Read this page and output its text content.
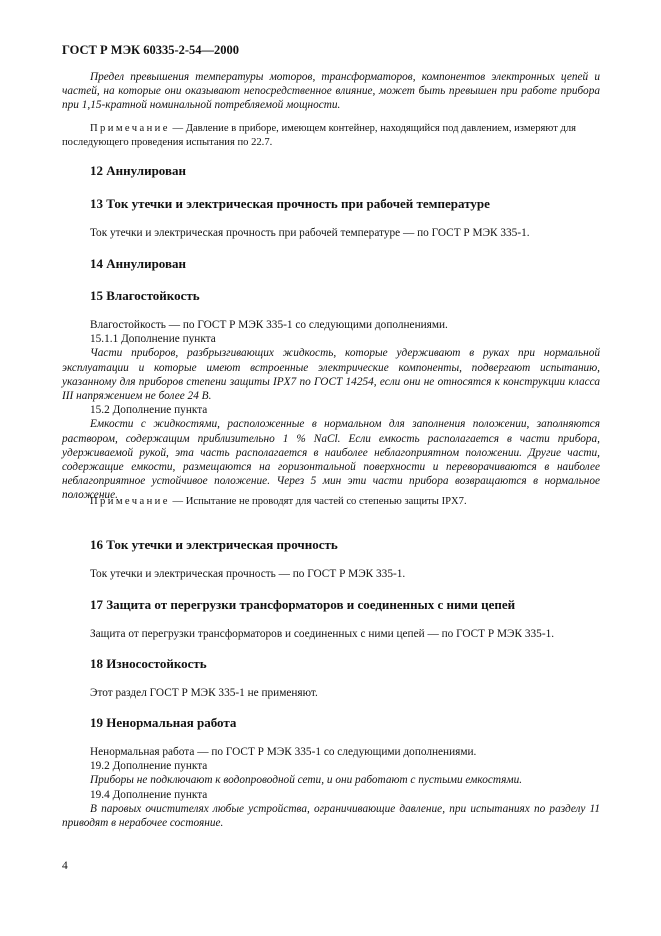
ГОСТ Р МЭК 60335-2-54—2000
Предел превышения температуры моторов, трансформаторов, компонентов электронных цепей и частей, на которые они оказывают непосредственное влияние, может быть превышен при работе прибора при 1,15-кратной номинальной потребляемой мощности.
Примечание — Давление в приборе, имеющем контейнер, находящийся под давлением, измеряют для последующего проведения испытания по 22.7.
12 Аннулирован
13 Ток утечки и электрическая прочность при рабочей температуре
Ток утечки и электрическая прочность при рабочей температуре — по ГОСТ Р МЭК 335-1.
14 Аннулирован
15 Влагостойкость

Влагостойкость — по ГОСТ Р МЭК 335-1 со следующими дополнениями.

15.1.1 Дополнение пункта

Части приборов, разбрызгивающих жидкость, которые удерживают в руках при нормальной эксплуатации и которые имеют встроенные электрические компоненты, подвергают испытанию, указанному для приборов степени защиты IPX7 по ГОСТ 14254, если они не относятся к конструкции класса III напряжением не более 24 В.

15.2 Дополнение пункта

Емкости с жидкостями, расположенные в нормальном для заполнения положении, заполняются раствором, содержащим приблизительно 1 % NaCl. Если емкость располагается в части прибора, удерживаемой рукой, эта часть располагается в наиболее неблагоприятном положении. Другие части, содержащие емкости, размещаются на горизонтальной поверхности и переворачиваются в наиболее неблагоприятное устойчивое положение. Через 5 мин эти части прибора возвращаются в нормальное положение.

Примечание — Испытание не проводят для частей со степенью защиты IPX7.
16 Ток утечки и электрическая прочность
Ток утечки и электрическая прочность — по ГОСТ Р МЭК 335-1.
17 Защита от перегрузки трансформаторов и соединенных с ними цепей
Защита от перегрузки трансформаторов и соединенных с ними цепей — по ГОСТ Р МЭК 335-1.
18 Износостойкость
Этот раздел ГОСТ Р МЭК 335-1 не применяют.
19 Ненормальная работа

Ненормальная работа — по ГОСТ Р МЭК 335-1 со следующими дополнениями.

19.2 Дополнение пункта

Приборы не подключают к водопроводной сети, и они работают с пустыми емкостями.

19.4 Дополнение пункта

В паровых очистителях любые устройства, ограничивающие давление, при испытаниях по разделу 11 приводят в нерабочее состояние.

4
